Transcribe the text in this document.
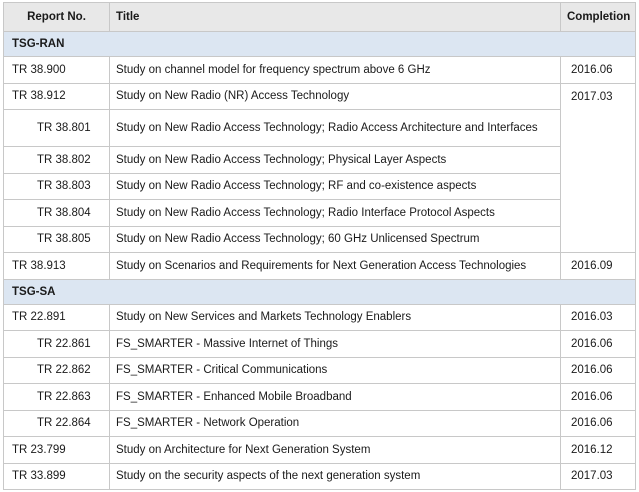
Report No.	Title	Completion
TSG-RAN		
TR 38.900	Study on channel model for frequency spectrum above 6 GHz	2016.06
TR 38.912	Study on New Radio (NR) Access Technology	2017.03
TR 38.801	Study on New Radio Access Technology; Radio Access Architecture and Interfaces	
TR 38.802	Study on New Radio Access Technology; Physical Layer Aspects	
TR 38.803	Study on New Radio Access Technology; RF and co-existence aspects	
TR 38.804	Study on New Radio Access Technology; Radio Interface Protocol Aspects	
TR 38.805	Study on New Radio Access Technology; 60 GHz Unlicensed Spectrum	
TR 38.913	Study on Scenarios and Requirements for Next Generation Access Technologies	2016.09
TSG-SA		
TR 22.891	Study on New Services and Markets Technology Enablers	2016.03
TR 22.861	FS_SMARTER - Massive Internet of Things	2016.06
TR 22.862	FS_SMARTER - Critical Communications	2016.06
TR 22.863	FS_SMARTER - Enhanced Mobile Broadband	2016.06
TR 22.864	FS_SMARTER - Network Operation	2016.06
TR 23.799	Study on Architecture for Next Generation System	2016.12
TR 33.899	Study on the security aspects of the next generation system	2017.03
